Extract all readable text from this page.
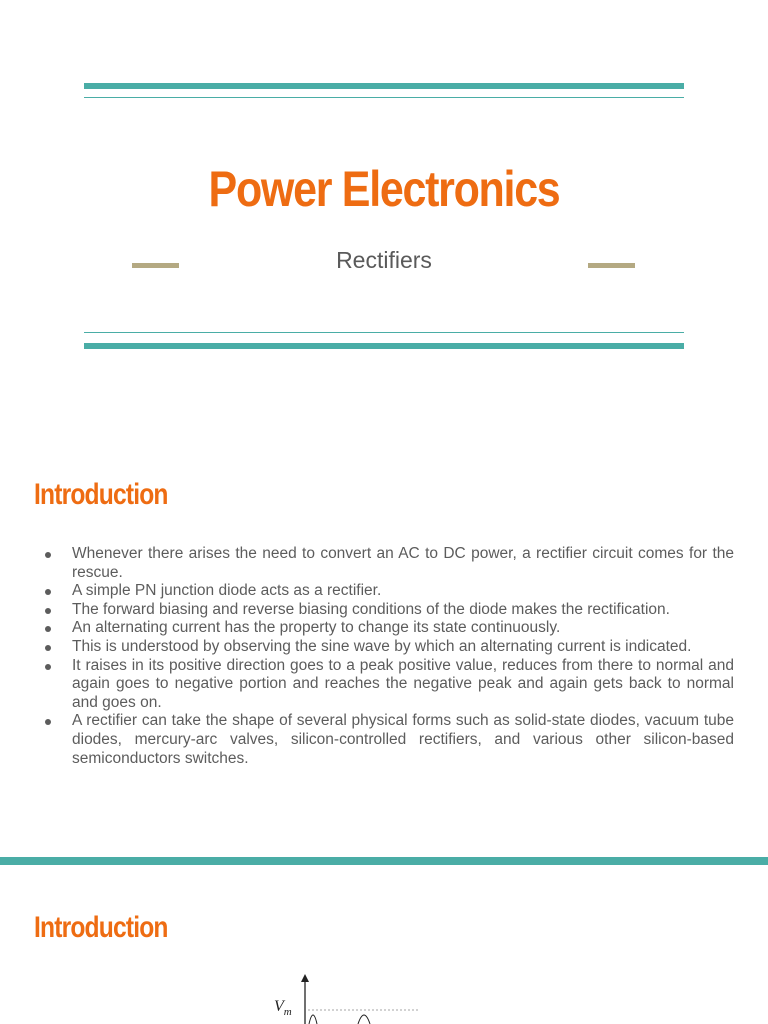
Power Electronics
Rectifiers
Introduction
Whenever there arises the need to convert an AC to DC power, a rectifier circuit comes for the rescue.
A simple PN junction diode acts as a rectifier.
The forward biasing and reverse biasing conditions of the diode makes the rectification.
An alternating current has the property to change its state continuously.
This is understood by observing the sine wave by which an alternating current is indicated.
It raises in its positive direction goes to a peak positive value, reduces from there to normal and again goes to negative portion and reaches the negative peak and again gets back to normal and goes on.
A rectifier can take the shape of several physical forms such as solid-state diodes, vacuum tube diodes, mercury-arc valves, silicon-controlled rectifiers, and various other silicon-based semiconductors switches.
Introduction
$V_m$
